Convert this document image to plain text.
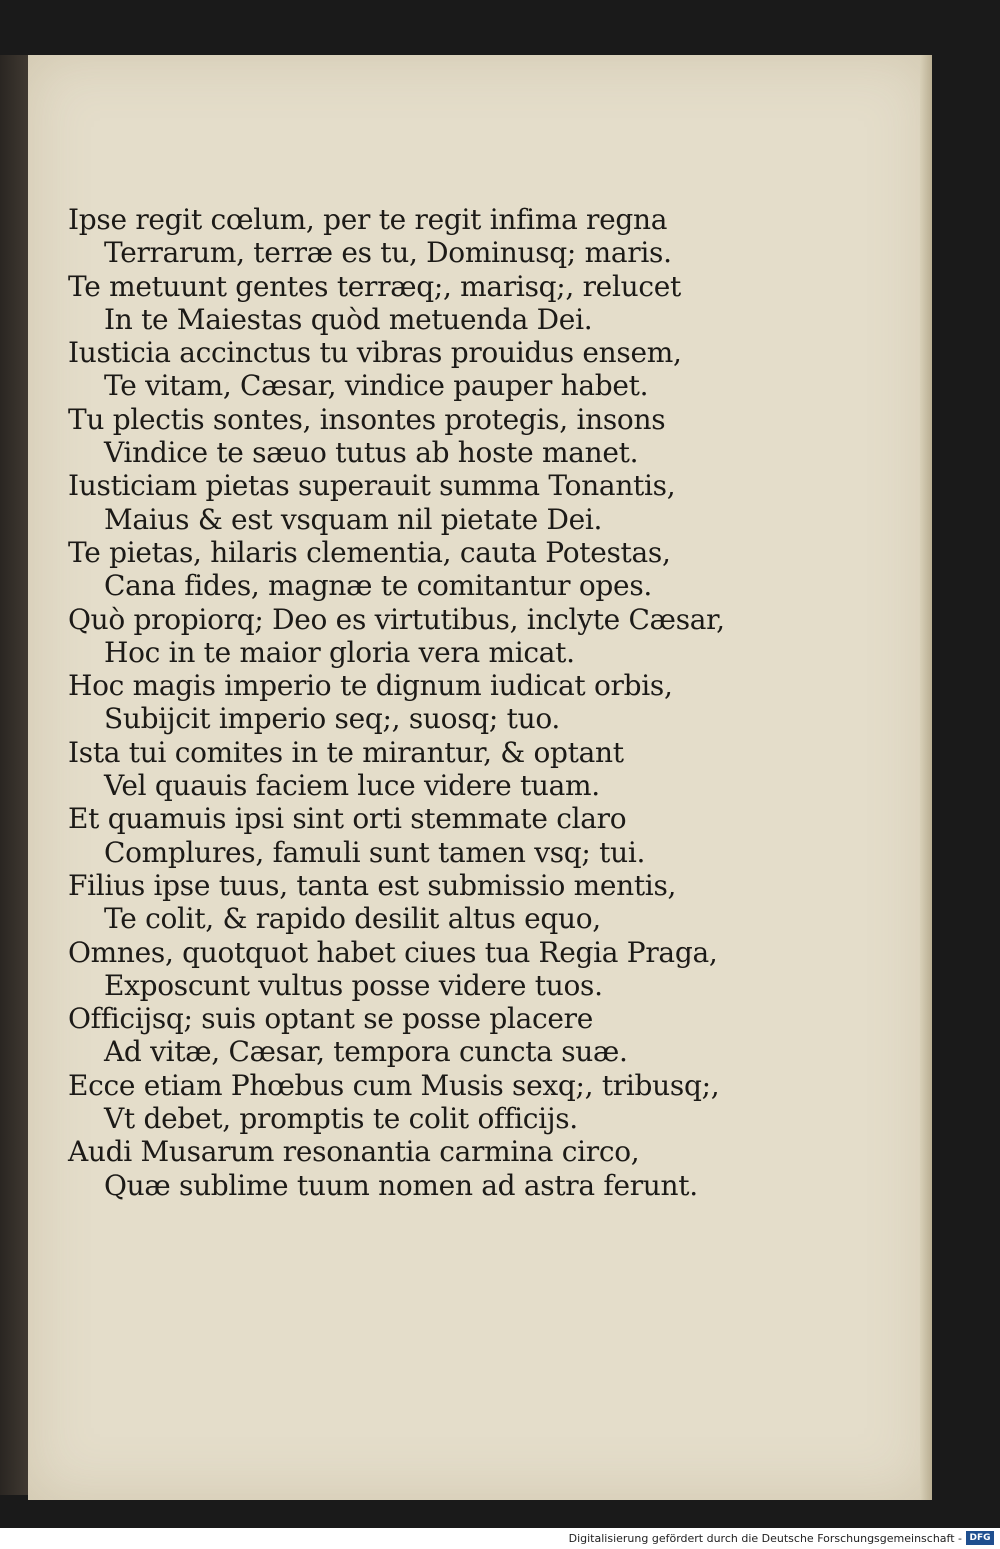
Ipse regit cœlum, per te regit infima regna
Terrarum, terræ es tu, Dominusq; maris.
Te metuunt gentes terræq;, marisq;, relucet
In te Maiestas quòd metuenda Dei.
Iusticia accinctus tu vibras prouidus ensem,
Te vitam, Cæsar, vindice pauper habet.
Tu plectis sontes, insontes protegis, insons
Vindice te sæuo tutus ab hoste manet.
Iusticiam pietas superauit summa Tonantis,
Maius & est vsquam nil pietate Dei.
Te pietas, hilaris clementia, cauta Potestas,
Cana fides, magnæ te comitantur opes.
Quò propiorq; Deo es virtutibus, inclyte Cæsar,
Hoc in te maior gloria vera micat.
Hoc magis imperio te dignum iudicat orbis,
Subijcit imperio seq;, suosq; tuo.
Ista tui comites in te mirantur, & optant
Vel quauis faciem luce videre tuam.
Et quamuis ipsi sint orti stemmate claro
Complures, famuli sunt tamen vsq; tui.
Filius ipse tuus, tanta est submissio mentis,
Te colit, & rapido desilit altus equo,
Omnes, quotquot habet ciues tua Regia Praga,
Exposcunt vultus posse videre tuos.
Officijsq; suis optant se posse placere
Ad vitæ, Cæsar, tempora cuncta suæ.
Ecce etiam Phœbus cum Musis sexq;, tribusq;,
Vt debet, promptis te colit officijs.
Audi Musarum resonantia carmina circo,
Quæ sublime tuum nomen ad astra ferunt.
Digitalisierung gefördert durch die Deutsche Forschungsgemeinschaft - DFG
